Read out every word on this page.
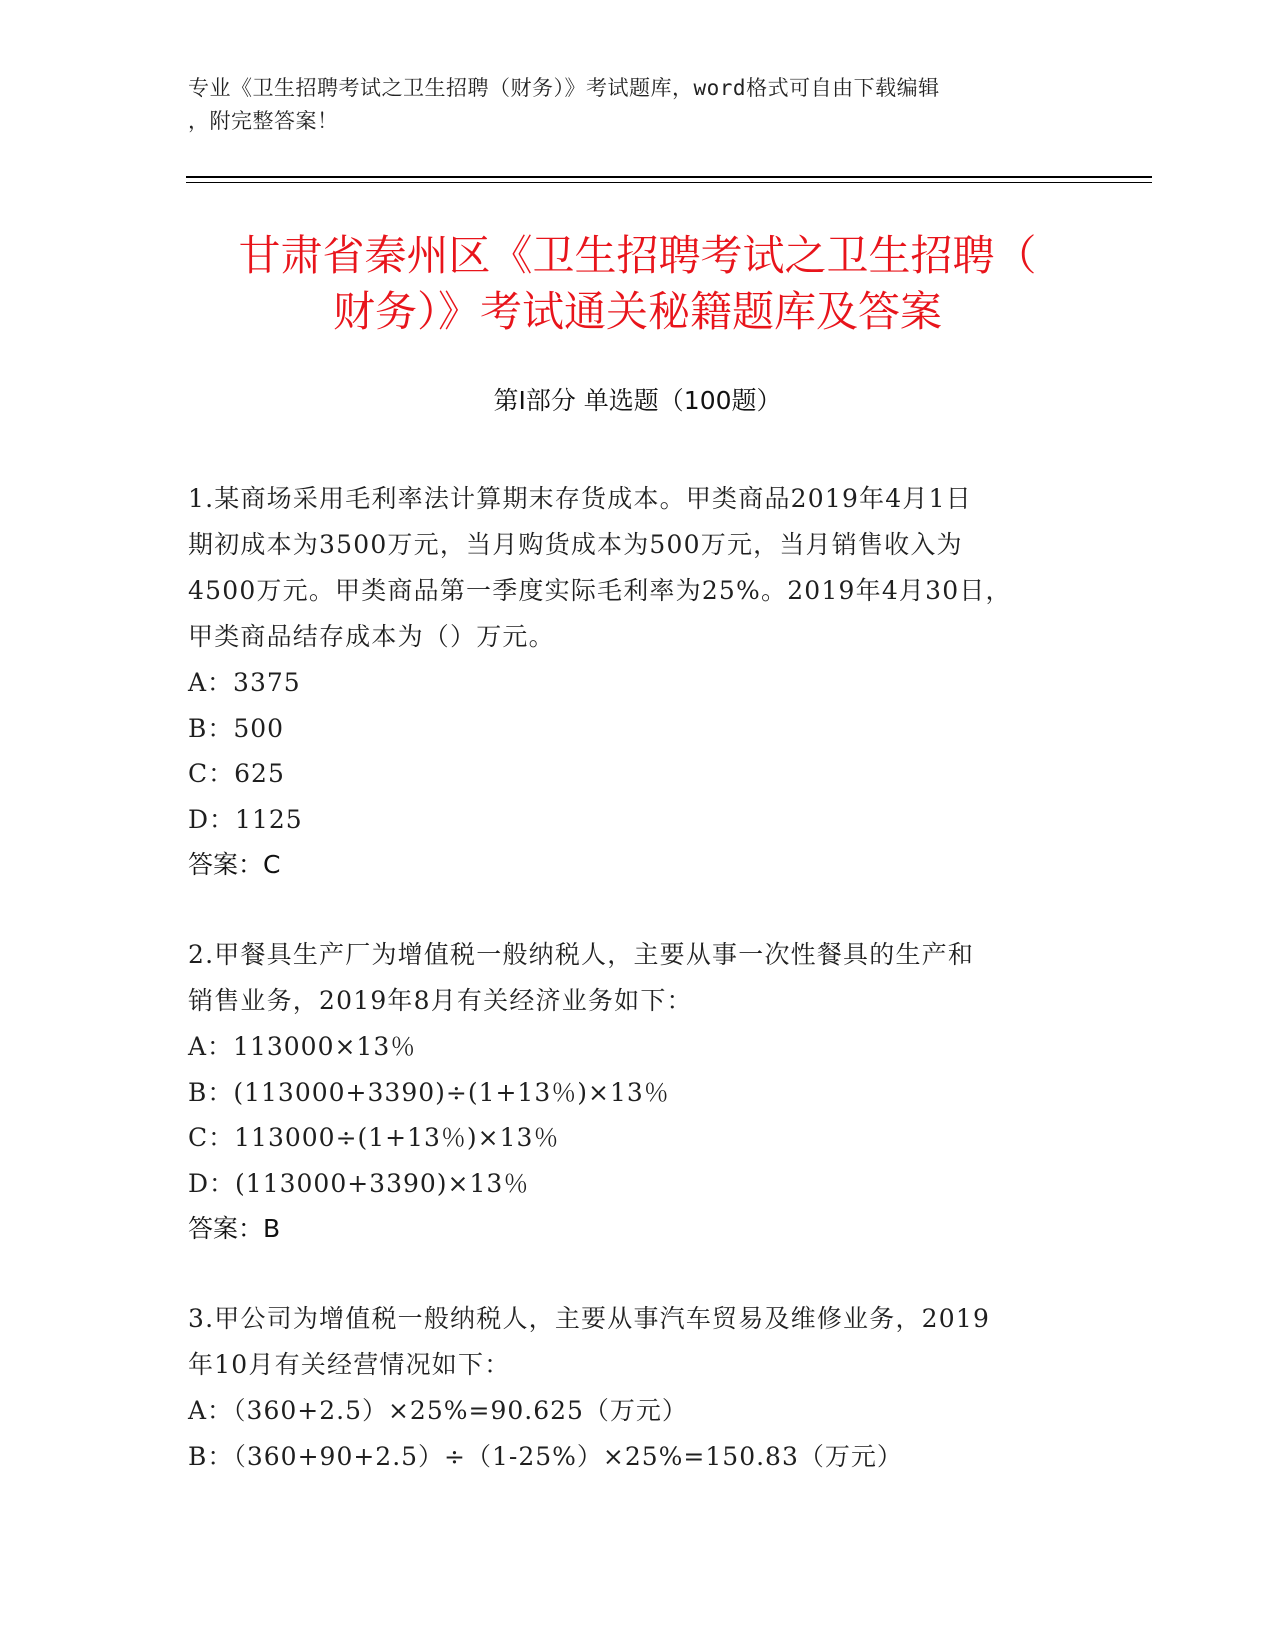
专业《卫生招聘考试之卫生招聘（财务）》考试题库，word格式可自由下载编辑
，附完整答案！
甘肃省秦州区《卫生招聘考试之卫生招聘（
财务）》考试通关秘籍题库及答案
第Ⅰ部分 单选题（100题）

1.某商场采用毛利率法计算期末存货成本。甲类商品2019年4月1日

期初成本为3500万元，当月购货成本为500万元，当月销售收入为

4500万元。甲类商品第一季度实际毛利率为25%。2019年4月30日，

甲类商品结存成本为（）万元。

A：3375

B：500

C：625

D：1125

答案：C

2.甲餐具生产厂为增值税一般纳税人，主要从事一次性餐具的生产和

销售业务，2019年8月有关经济业务如下：

A：113000×13％

B：(113000+3390)÷(1+13％)×13％

C：113000÷(1+13％)×13％

D：(113000+3390)×13％

答案：B

3.甲公司为增值税一般纳税人，主要从事汽车贸易及维修业务，2019

年10月有关经营情况如下：

A：（360+2.5）×25%=90.625（万元）

B：（360+90+2.5）÷（1-25%）×25%=150.83（万元）
